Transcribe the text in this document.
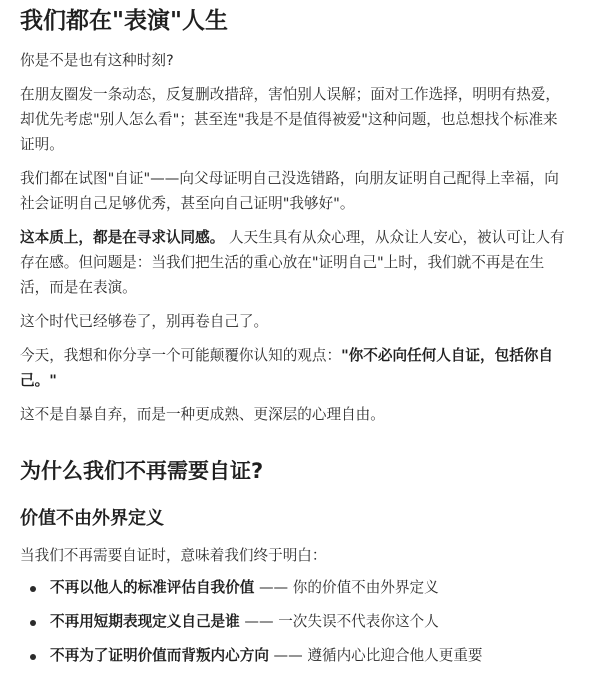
我们都在"表演"人生

你是不是也有这种时刻?

在朋友圈发一条动态，反复删改措辞，害怕别人误解；面对工作选择，明明有热爱，却优先考虑"别人怎么看"；甚至连"我是不是值得被爱"这种问题，也总想找个标准来证明。

我们都在试图"自证"——向父母证明自己没选错路，向朋友证明自己配得上幸福，向社会证明自己足够优秀，甚至向自己证明"我够好"。

这本质上，都是在寻求认同感。 人天生具有从众心理，从众让人安心，被认可让人有存在感。但问题是：当我们把生活的重心放在"证明自己"上时，我们就不再是在生活，而是在表演。

这个时代已经够卷了，别再卷自己了。

今天，我想和你分享一个可能颠覆你认知的观点："你不必向任何人自证，包括你自己。"

这不是自暴自弃，而是一种更成熟、更深层的心理自由。

为什么我们不再需要自证?
价值不由外界定义

当我们不再需要自证时，意味着我们终于明白：

不再以他人的标准评估自我价值 —— 你的价值不由外界定义
不再用短期表现定义自己是谁 —— 一次失误不代表你这个人
不再为了证明价值而背叛内心方向 —— 遵循内心比迎合他人更重要
